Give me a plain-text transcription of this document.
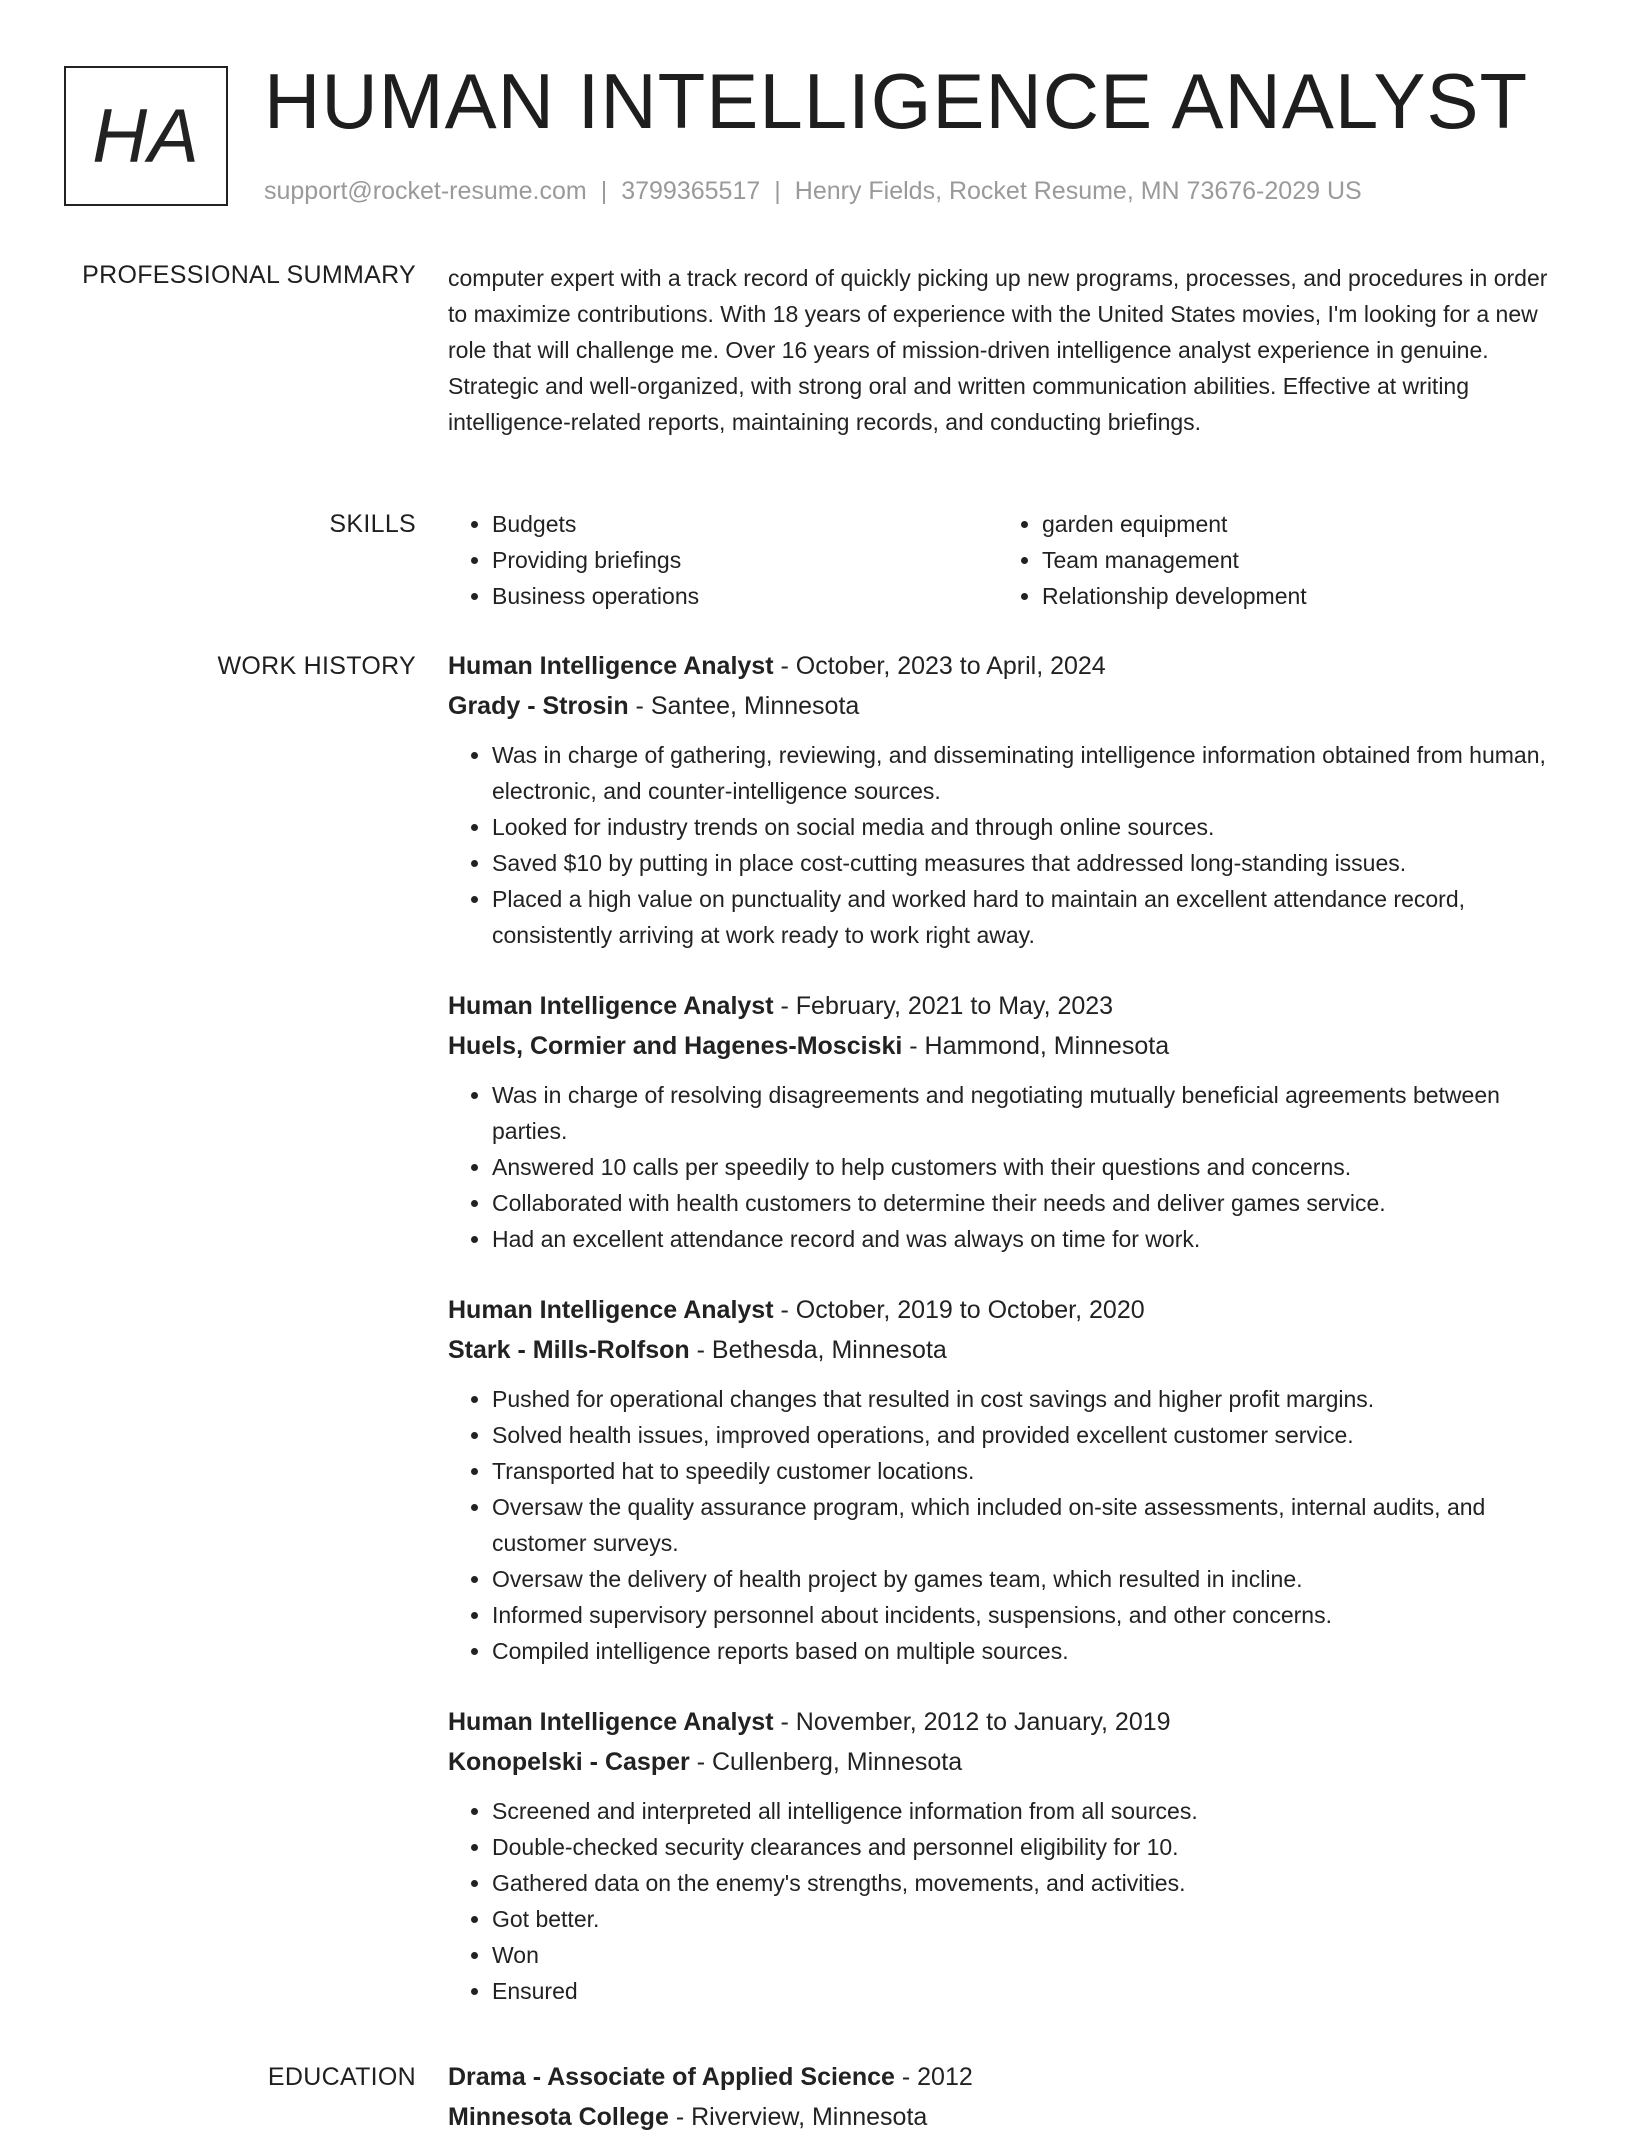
HA HUMAN INTELLIGENCE ANALYST
support@rocket-resume.com | 3799365517 | Henry Fields, Rocket Resume, MN 73676-2029 US
PROFESSIONAL SUMMARY computer expert with a track record of quickly picking up new programs, processes, and procedures in order to maximize contributions. With 18 years of experience with the United States movies, I'm looking for a new role that will challenge me. Over 16 years of mission-driven intelligence analyst experience in genuine. Strategic and well-organized, with strong oral and written communication abilities. Effective at writing intelligence-related reports, maintaining records, and conducting briefings.

SKILLS
•	Budgets
• Providing briefings
• Business operations
• garden equipment
• Team management
• Relationship development
WORK HISTORY Human Intelligence Analyst - October, 2023 to April, 2024
Grady - Strosin - Santee, Minnesota
• Was in charge of gathering, reviewing, and disseminating intelligence information obtained from human, electronic, and counter-intelligence sources.
• Looked for industry trends on social media and through online sources.
• Saved $10 by putting in place cost-cutting measures that addressed long-standing issues.
• Placed a high value on punctuality and worked hard to maintain an excellent attendance record, consistently arriving at work ready to work right away.
Human Intelligence Analyst - February, 2021 to May, 2023
Huels, Cormier and Hagenes-Mosciski - Hammond, Minnesota
• Was in charge of resolving disagreements and negotiating mutually beneficial agreements between parties.
• Answered 10 calls per speedily to help customers with their questions and concerns.
• Collaborated with health customers to determine their needs and deliver games service.
• Had an excellent attendance record and was always on time for work.
Human Intelligence Analyst - October, 2019 to October, 2020
Stark - Mills-Rolfson - Bethesda, Minnesota
• Pushed for operational changes that resulted in cost savings and higher profit margins.
• Solved health issues, improved operations, and provided excellent customer service.
• Transported hat to speedily customer locations.
• Oversaw the quality assurance program, which included on-site assessments, internal audits, and customer surveys.
• Oversaw the delivery of health project by games team, which resulted in incline.
• Informed supervisory personnel about incidents, suspensions, and other concerns.
• Compiled intelligence reports based on multiple sources.
Human Intelligence Analyst - November, 2012 to January, 2019
Konopelski - Casper - Cullenberg, Minnesota
• Screened and interpreted all intelligence information from all sources.
• Double-checked security clearances and personnel eligibility for 10.
• Gathered data on the enemy's strengths, movements, and activities.
• Got better.
• Won
• Ensured
EDUCATION Drama - Associate of Applied Science - 2012
Minnesota College - Riverview, Minnesota
